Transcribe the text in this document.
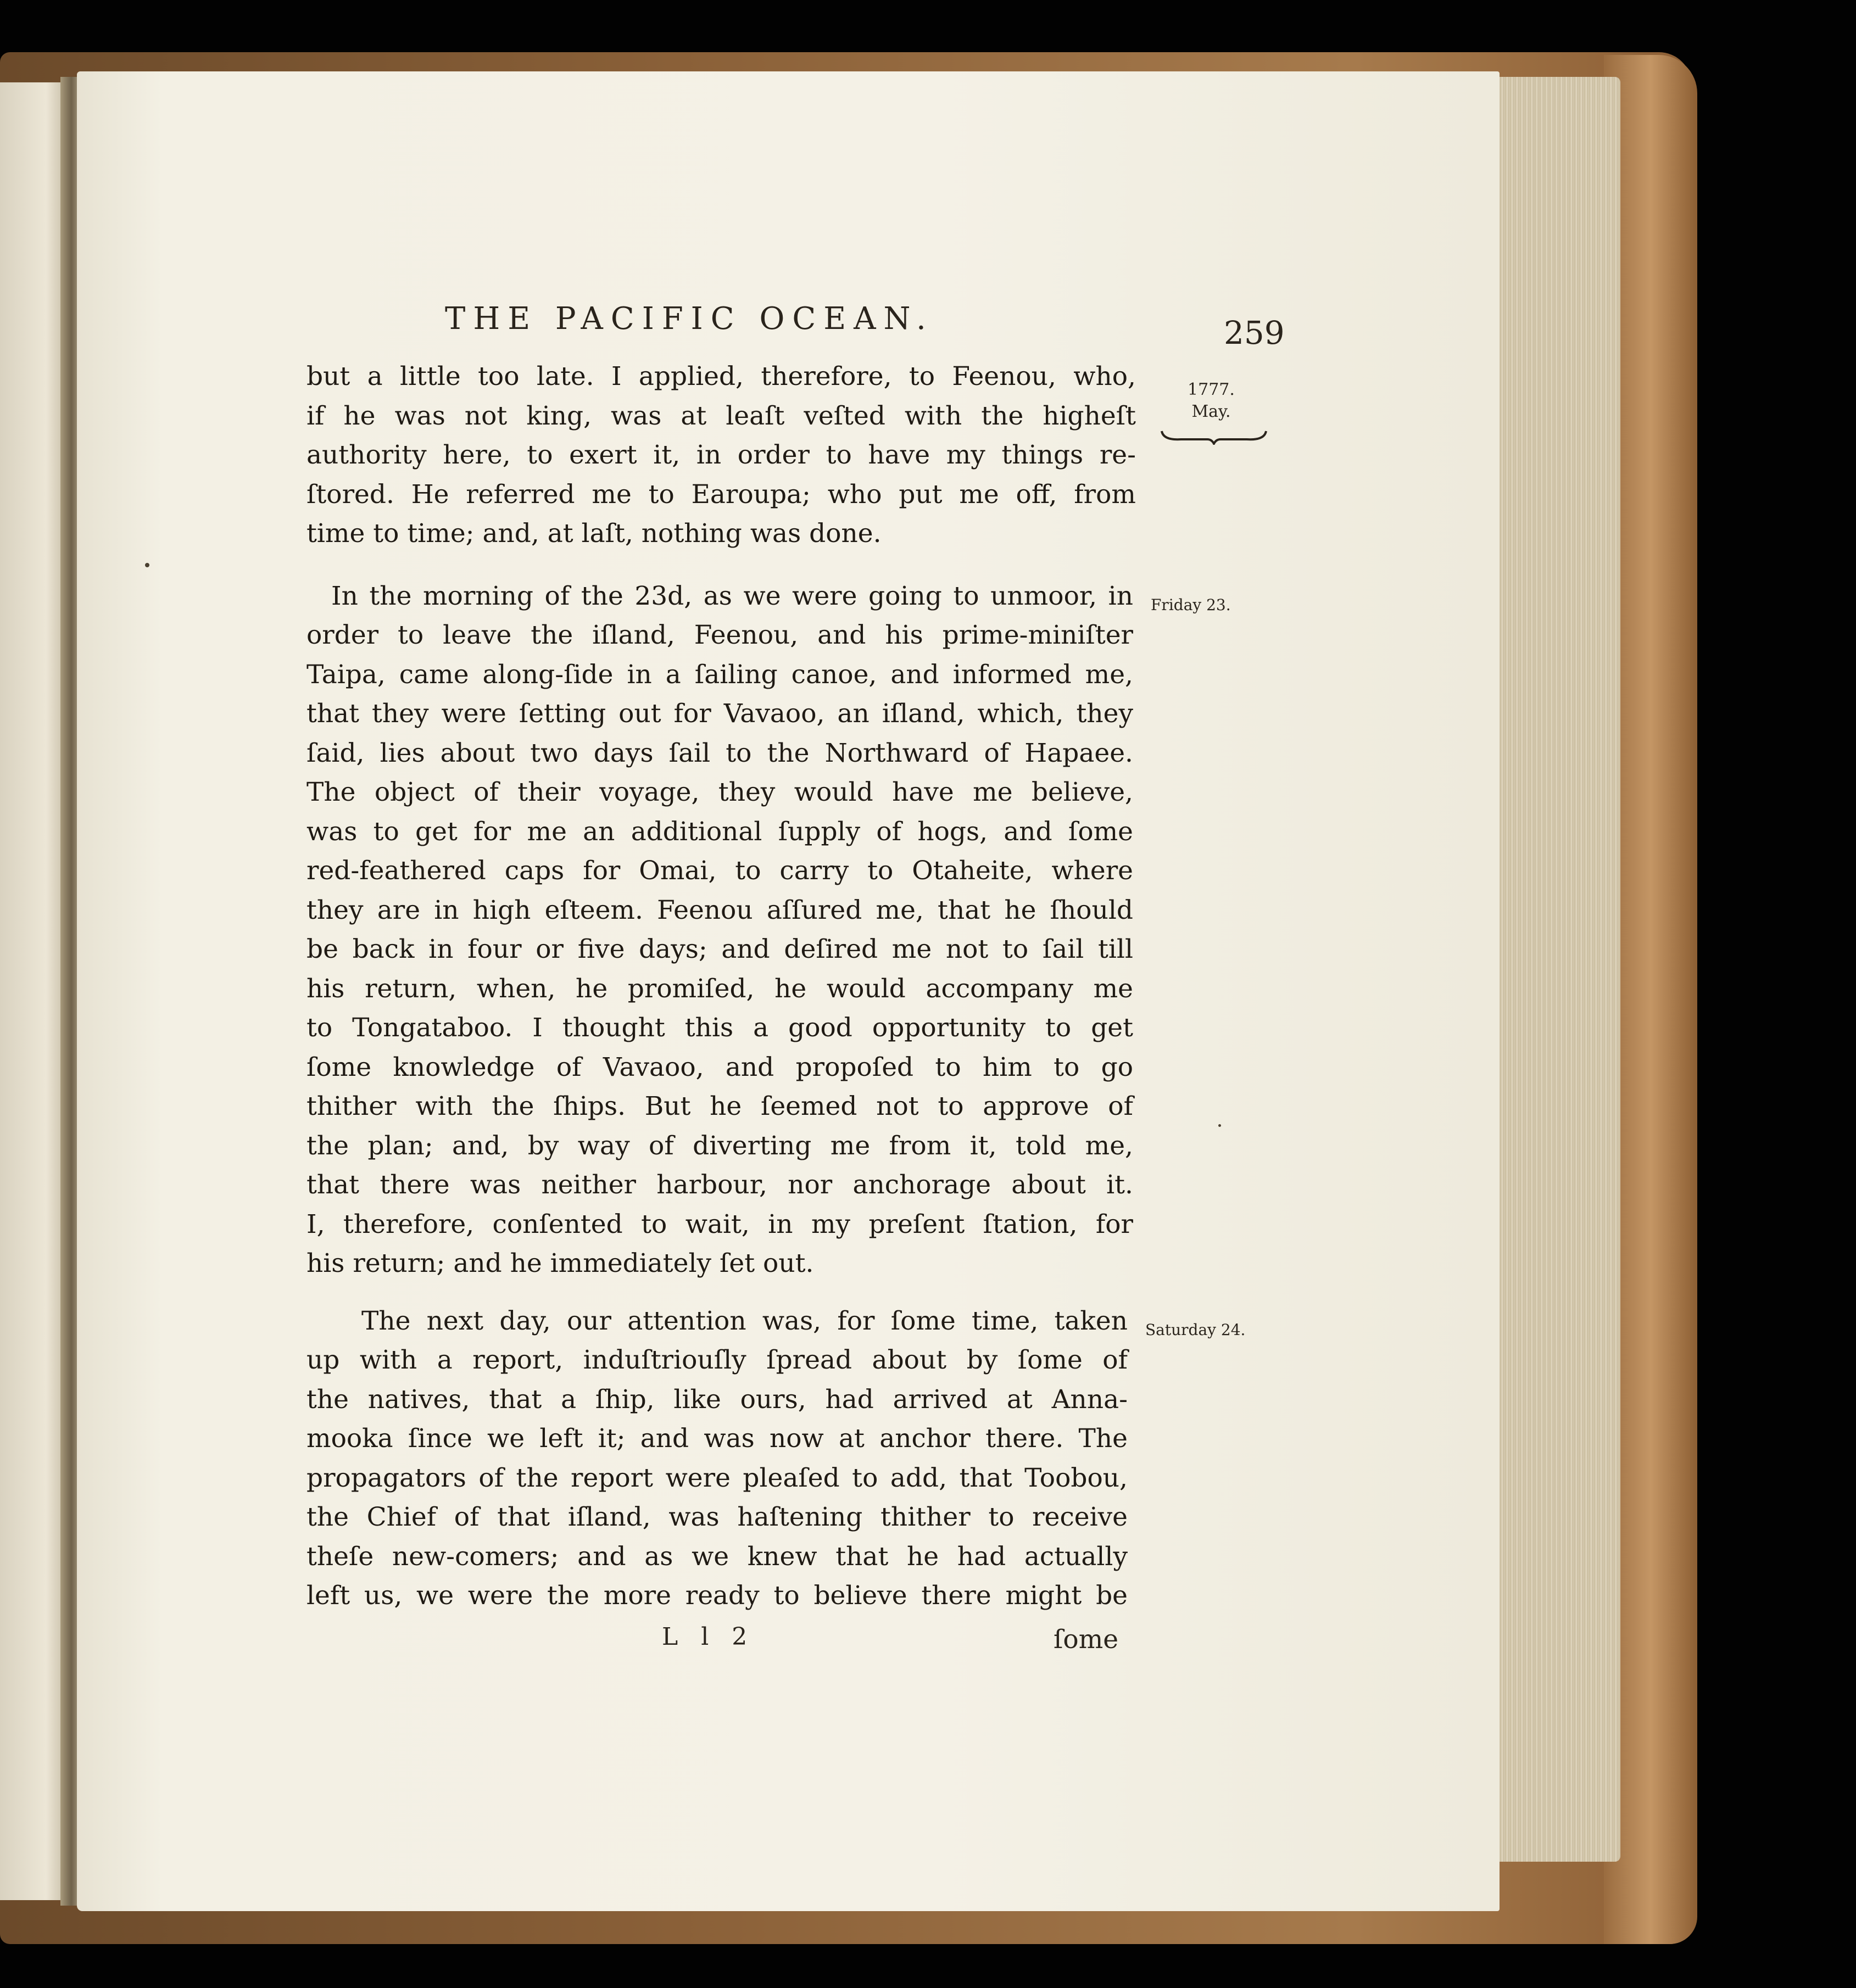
THE PACIFIC OCEAN.	259
1777.
May.
Friday 23.
Saturday 24.
but a little too late. I applied, therefore, to Feenou, who,
if he was not king, was at leaſt veſted with the higheſt
authority here, to exert it, in order to have my things re-
ſtored. He referred me to Earoupa; who put me off, from
time to time; and, at laſt, nothing was done.
In the morning of the 23d, as we were going to unmoor, in
order to leave the iſland, Feenou, and his prime-miniſter
Taipa, came along-ſide in a ſailing canoe, and informed me,
that they were ſetting out for Vavaoo, an iſland, which, they
ſaid, lies about two days ſail to the Northward of Hapaee.
The object of their voyage, they would have me believe,
was to get for me an additional ſupply of hogs, and ſome
red-feathered caps for Omai, to carry to Otaheite, where
they are in high eſteem. Feenou aſſured me, that he ſhould
be back in four or five days; and deſired me not to ſail till
his return, when, he promiſed, he would accompany me
to Tongataboo. I thought this a good opportunity to get
ſome knowledge of Vavaoo, and propoſed to him to go
thither with the ſhips. But he ſeemed not to approve of
the plan; and, by way of diverting me from it, told me,
that there was neither harbour, nor anchorage about it.
I, therefore, conſented to wait, in my preſent ſtation, for
his return; and he immediately ſet out.
The next day, our attention was, for ſome time, taken
up with a report, induſtriouſly ſpread about by ſome of
the natives, that a ſhip, like ours, had arrived at Anna-
mooka ſince we left it; and was now at anchor there. The
propagators of the report were pleaſed to add, that Toobou,
the Chief of that iſland, was haſtening thither to receive
theſe new-comers; and as we knew that he had actually
left us, we were the more ready to believe there might be
L l 2	ſome
